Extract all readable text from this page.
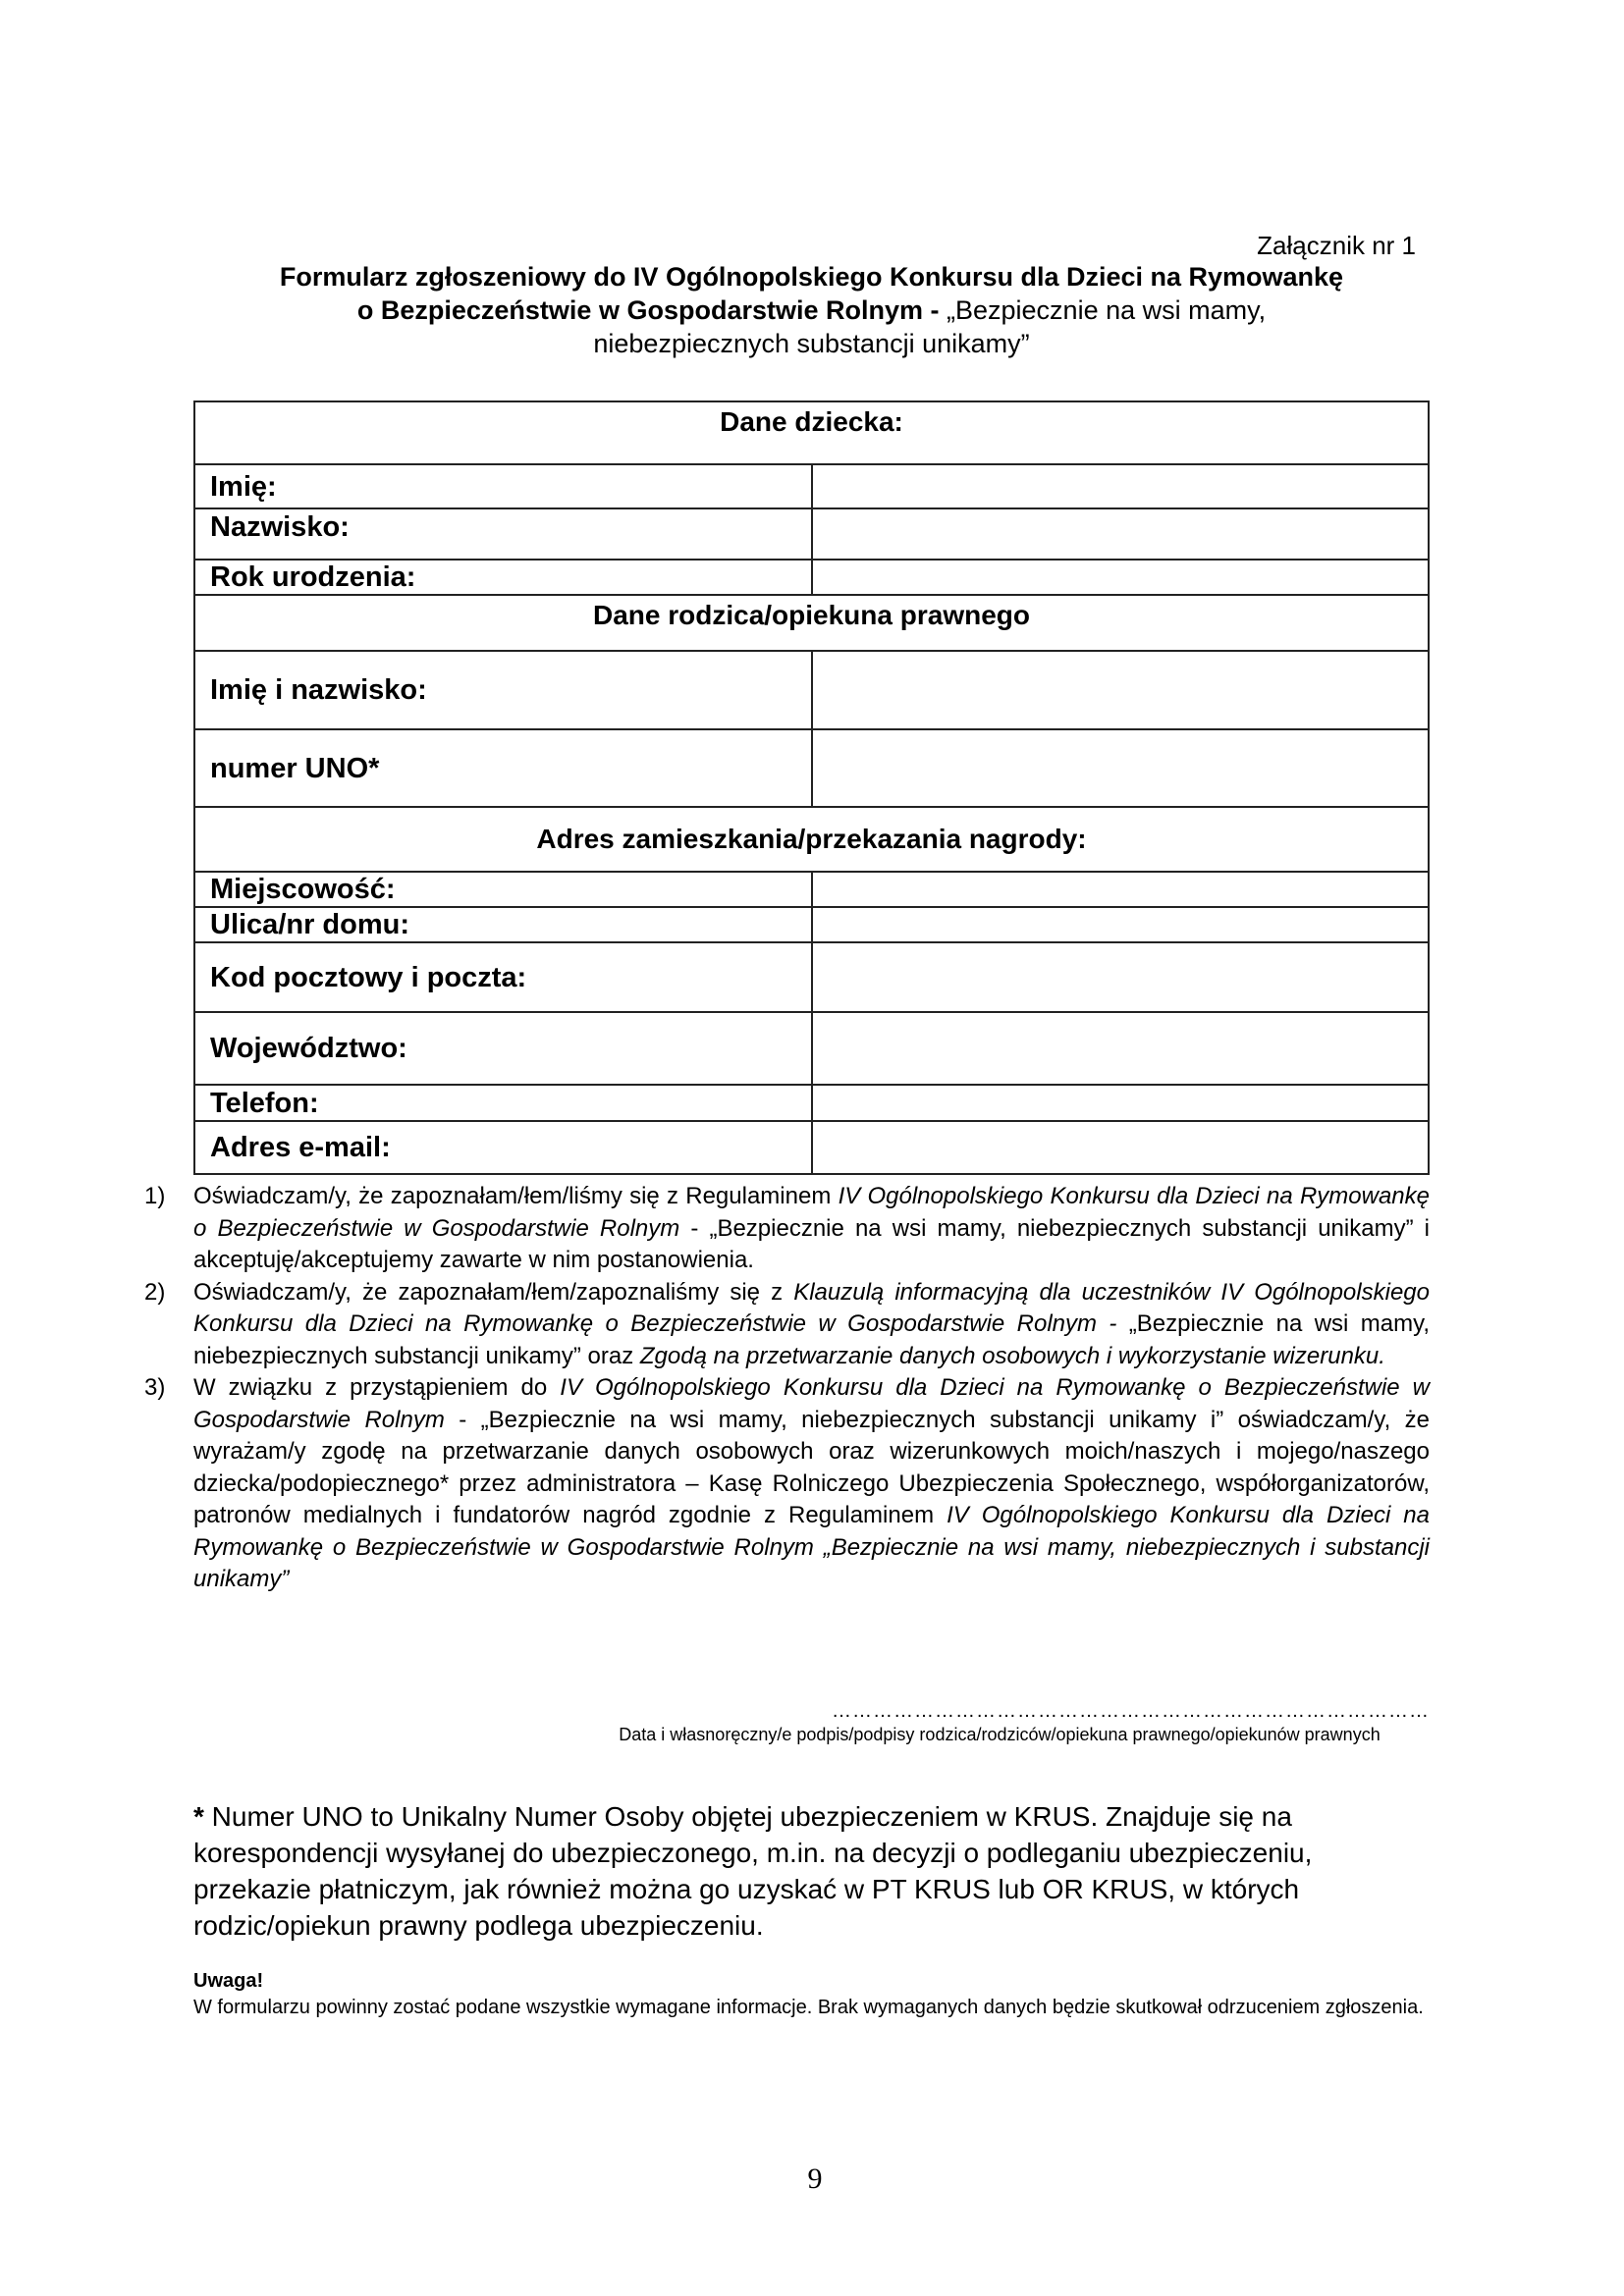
Załącznik nr 1
Formularz zgłoszeniowy do IV Ogólnopolskiego Konkursu dla Dzieci na Rymowankę
o Bezpieczeństwie w Gospodarstwie Rolnym - „Bezpiecznie na wsi mamy,
niebezpiecznych substancji unikamy”
Dane dziecka:	
Imię:	
Nazwisko:	
Rok urodzenia:	
Dane rodzica/opiekuna prawnego	
Imię i nazwisko:	
numer UNO*	
Adres zamieszkania/przekazania nagrody:	
Miejscowość:	
Ulica/nr domu:	
Kod pocztowy i poczta:	
Województwo:	
Telefon:	
Adres e-mail:	
1)	Oświadczam/y, że zapoznałam/łem/liśmy się z Regulaminem IV Ogólnopolskiego Konkursu dla Dzieci na Rymowankę o Bezpieczeństwie w Gospodarstwie Rolnym - „Bezpiecznie na wsi mamy, niebezpiecznych substancji unikamy” i akceptuję/akceptujemy zawarte w nim postanowienia.
2)	Oświadczam/y, że zapoznałam/łem/zapoznaliśmy się z Klauzulą informacyjną dla uczestników IV Ogólnopolskiego Konkursu dla Dzieci na Rymowankę o Bezpieczeństwie w Gospodarstwie Rolnym - „Bezpiecznie na wsi mamy, niebezpiecznych substancji unikamy” oraz Zgodą na przetwarzanie danych osobowych i wykorzystanie wizerunku.
3)	W związku z przystąpieniem do IV Ogólnopolskiego Konkursu dla Dzieci na Rymowankę o Bezpieczeństwie w Gospodarstwie Rolnym - „Bezpiecznie na wsi mamy, niebezpiecznych substancji unikamy i” oświadczam/y, że wyrażam/y zgodę na przetwarzanie danych osobowych oraz wizerunkowych moich/naszych i mojego/naszego dziecka/podopiecznego* przez administratora – Kasę Rolniczego Ubezpieczenia Społecznego, współorganizatorów, patronów medialnych i fundatorów nagród zgodnie z Regulaminem IV Ogólnopolskiego Konkursu dla Dzieci na Rymowankę o Bezpieczeństwie w Gospodarstwie Rolnym „Bezpiecznie na wsi mamy, niebezpiecznych i substancji unikamy”
……………………………………………………………………………
Data i własnoręczny/e podpis/podpisy rodzica/rodziców/opiekuna prawnego/opiekunów prawnych
* Numer UNO to Unikalny Numer Osoby objętej ubezpieczeniem w KRUS. Znajduje się na korespondencji wysyłanej do ubezpieczonego, m.in. na decyzji o podleganiu ubezpieczeniu, przekazie płatniczym, jak również można go uzyskać w PT KRUS lub OR KRUS, w których rodzic/opiekun prawny podlega ubezpieczeniu.
Uwaga!
W formularzu powinny zostać podane wszystkie wymagane informacje. Brak wymaganych danych będzie skutkował odrzuceniem zgłoszenia.
9
